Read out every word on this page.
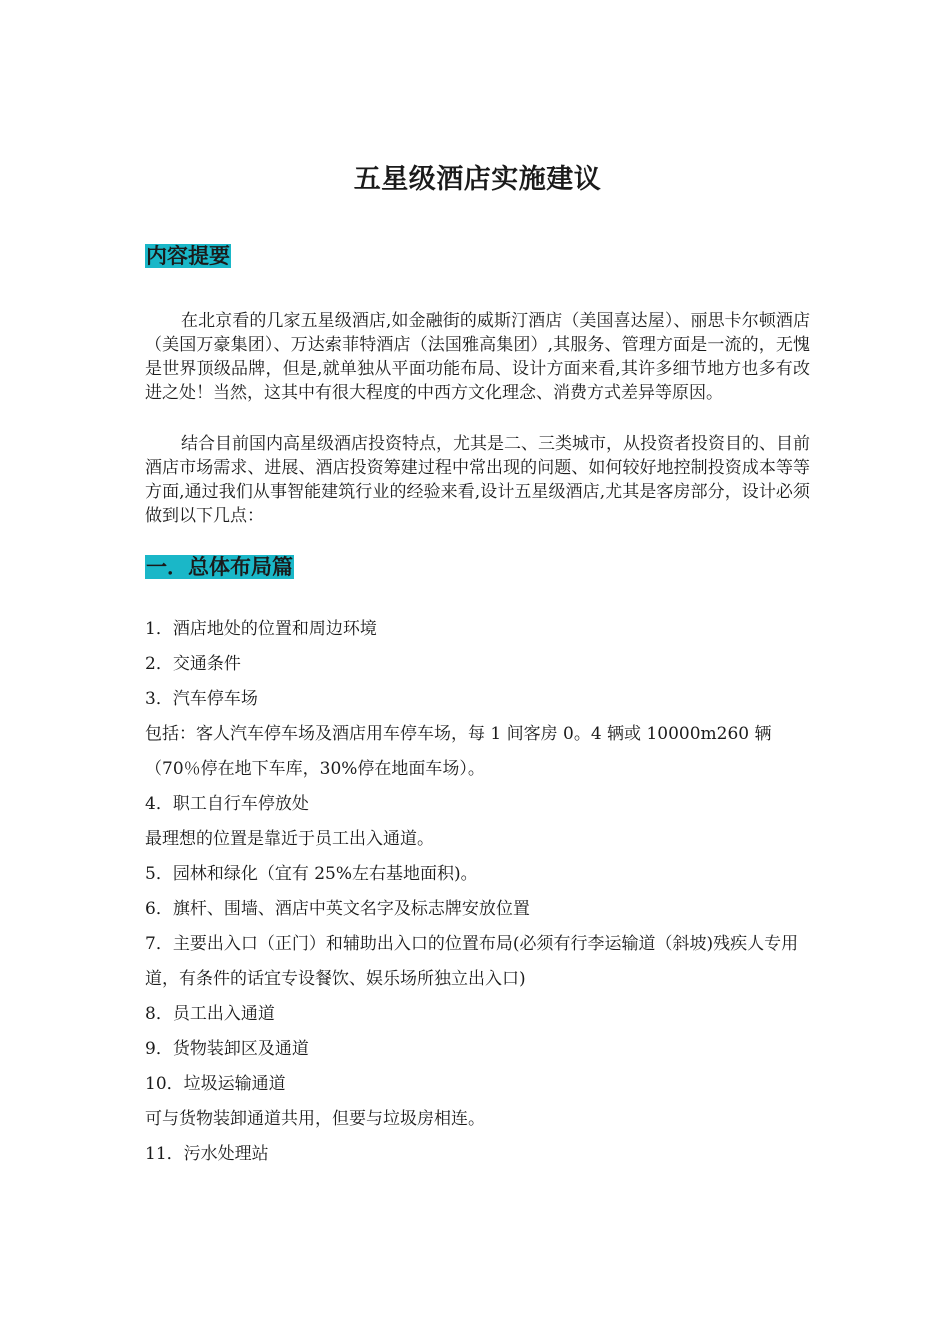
五星级酒店实施建议
内容提要

在北京看的几家五星级酒店,如金融街的威斯汀酒店（美国喜达屋）、丽思卡尔顿酒店（美国万豪集团）、万达索菲特酒店（法国雅高集团）,其服务、管理方面是一流的，无愧是世界顶级品牌，但是,就单独从平面功能布局、设计方面来看,其许多细节地方也多有改进之处！当然，这其中有很大程度的中西方文化理念、消费方式差异等原因。

结合目前国内高星级酒店投资特点，尤其是二、三类城市，从投资者投资目的、目前酒店市场需求、进展、酒店投资筹建过程中常出现的问题、如何较好地控制投资成本等等方面,通过我们从事智能建筑行业的经验来看,设计五星级酒店,尤其是客房部分，设计必须做到以下几点：

一．总体布局篇
1．酒店地处的位置和周边环境
2．交通条件
3．汽车停车场
包括：客人汽车停车场及酒店用车停车场，每 1 间客房 0。4 辆或 10000m260 辆（70％停在地下车库，30%停在地面车场）。
4．职工自行车停放处
最理想的位置是靠近于员工出入通道。
5．园林和绿化（宜有 25%左右基地面积)。
6．旗杆、围墙、酒店中英文名字及标志牌安放位置
7．主要出入口（正门）和辅助出入口的位置布局(必须有行李运输道（斜坡)残疾人专用道，有条件的话宜专设餐饮、娱乐场所独立出入口)
8．员工出入通道
9．货物装卸区及通道
10．垃圾运输通道
可与货物装卸通道共用，但要与垃圾房相连。
11．污水处理站
